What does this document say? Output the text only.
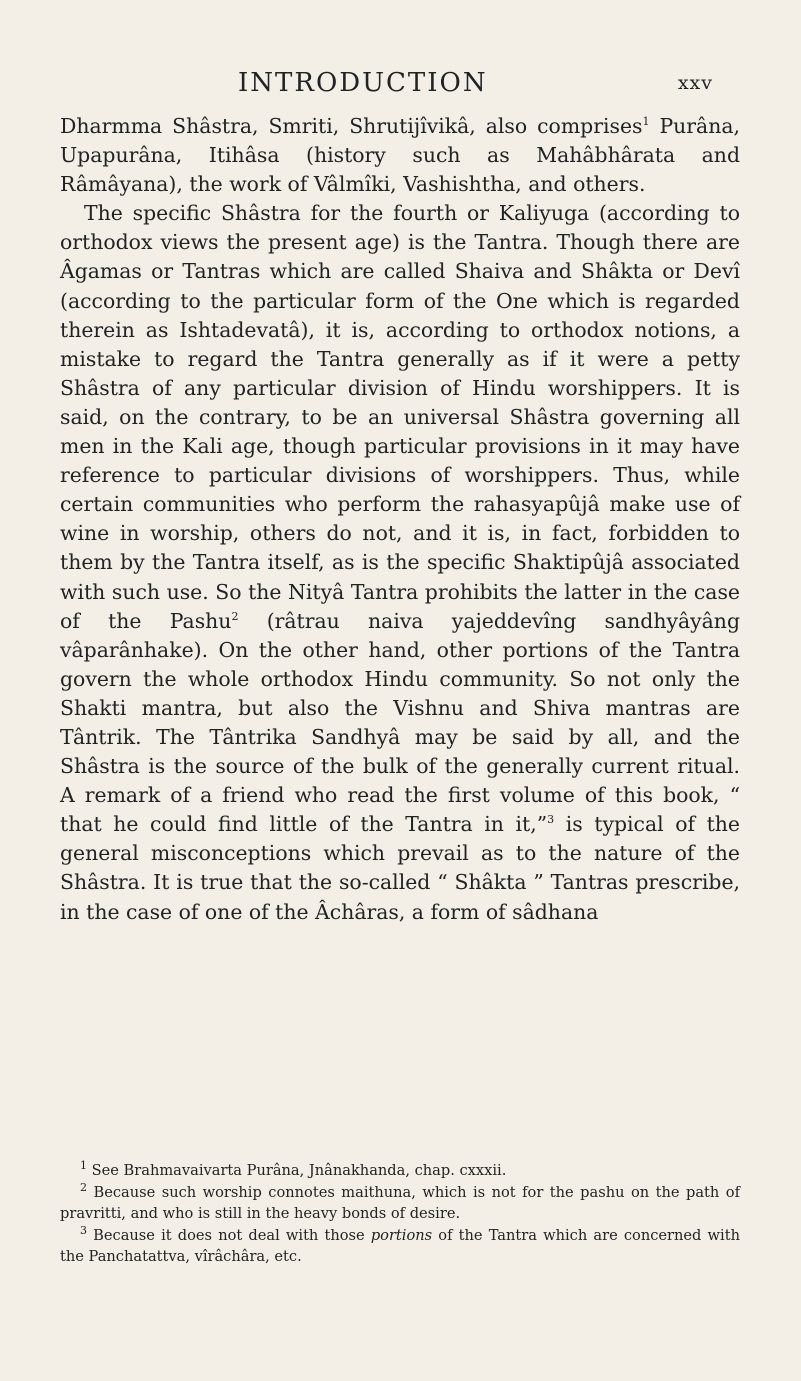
INTRODUCTION	xxv

Dharmma Shâstra, Smriti, Shrutijîvikâ, also comprises$^1$ Purâna, Upapurâna, Itihâsa (history such as Mahâbhârata and Râmâyana), the work of Vâlmîki, Vashishtha, and others.

The specific Shâstra for the fourth or Kaliyuga (according to orthodox views the present age) is the Tantra. Though there are Âgamas or Tantras which are called Shaiva and Shâkta or Devî (according to the particular form of the One which is regarded therein as Ishtadevatâ), it is, according to orthodox notions, a mistake to regard the Tantra generally as if it were a petty Shâstra of any particular division of Hindu worshippers. It is said, on the contrary, to be an universal Shâstra governing all men in the Kali age, though particular provisions in it may have reference to particular divisions of worshippers. Thus, while certain communities who perform the rahasyapûjâ make use of wine in worship, others do not, and it is, in fact, forbidden to them by the Tantra itself, as is the specific Shaktipûjâ associated with such use. So the Nityâ Tantra prohibits the latter in the case of the Pashu$^2$ (râtrau naiva yajeddevîng sandhyâyâng vâparânhake). On the other hand, other portions of the Tantra govern the whole orthodox Hindu community. So not only the Shakti mantra, but also the Vishnu and Shiva mantras are Tântrik. The Tântrika Sandhyâ may be said by all, and the Shâstra is the source of the bulk of the generally current ritual. A remark of a friend who read the first volume of this book, “ that he could find little of the Tantra in it,”$^3$ is typical of the general misconceptions which prevail as to the nature of the Shâstra. It is true that the so-called “ Shâkta ” Tantras prescribe, in the case of one of the Âchâras, a form of sâdhana

$^1$ See Brahmavaivarta Purâna, Jnânakhanda, chap. cxxxii.

$^2$ Because such worship connotes maithuna, which is not for the pashu on the path of pravritti, and who is still in the heavy bonds of desire.

$^3$ Because it does not deal with those portions of the Tantra which are concerned with the Panchatattva, vîrâchâra, etc.
